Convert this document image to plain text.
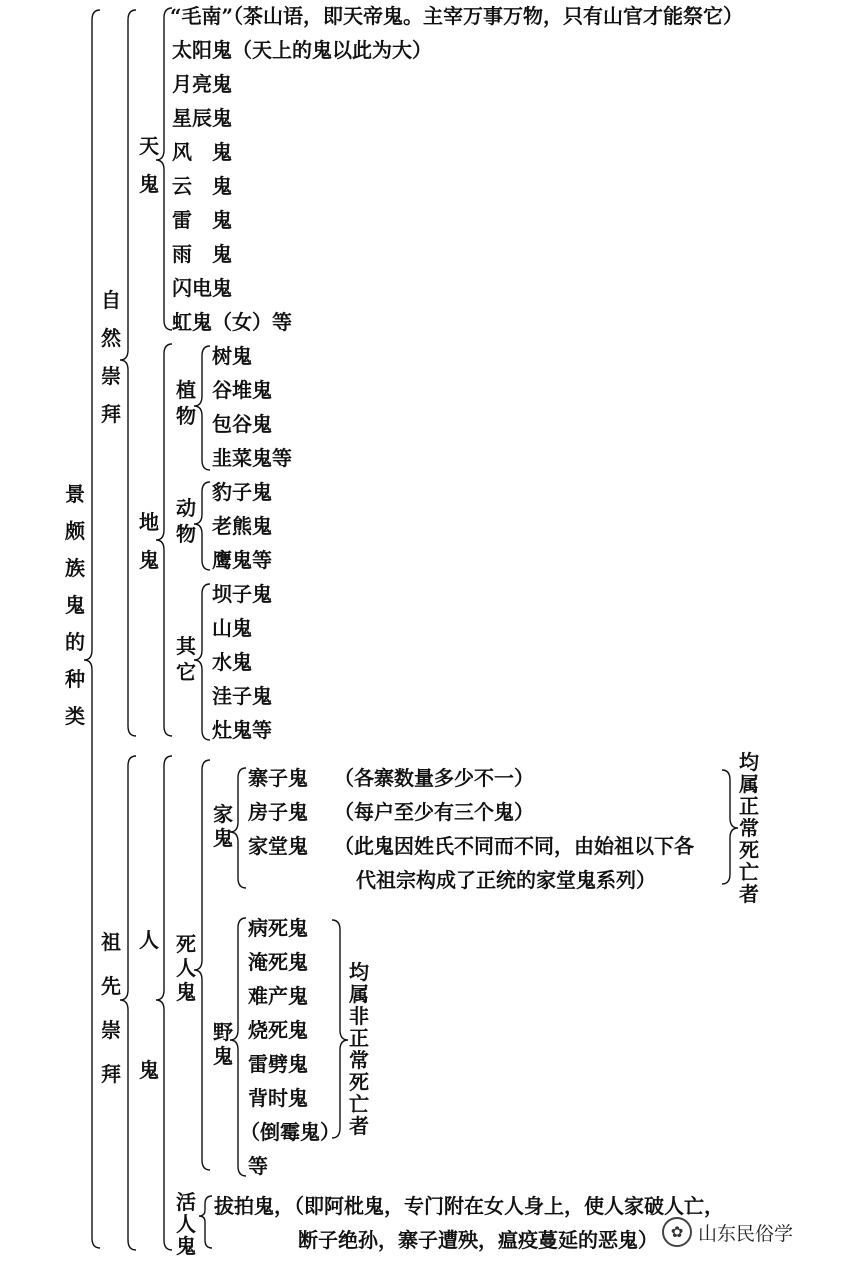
景
颇
族
鬼
的
种
类
自
然
崇
拜
祖
先
崇
拜
天
鬼
地
鬼
人
鬼
植
物
动
物
其
它
死
人
鬼
活
人
鬼
家
鬼
野
鬼
均
属
正
常
死
亡
者
均
属
非
正
常
死
亡
者
“毛南”（茶山语，即天帝鬼。主宰万事万物，只有山官才能祭它）
太阳鬼（天上的鬼以此为大）
月亮鬼
星辰鬼
风　鬼
云　鬼
雷　鬼
雨　鬼
闪电鬼
虹鬼（女）等
树鬼
谷堆鬼
包谷鬼
韭菜鬼等
豹子鬼
老熊鬼
鹰鬼等
坝子鬼
山鬼
水鬼
洼子鬼
灶鬼等
寨子鬼 （各寨数量多少不一）
房子鬼 （每户至少有三个鬼）
家堂鬼 （此鬼因姓氏不同而不同，由始祖以下各
代祖宗构成了正统的家堂鬼系列）
病死鬼
淹死鬼
难产鬼
烧死鬼
雷劈鬼
背时鬼
（倒霉鬼）
等
拔拍鬼，（即阿枇鬼，专门附在女人身上，使人家破人亡，
断子绝孙，寨子遭殃，瘟疫蔓延的恶鬼） ✿ 山东民俗学
